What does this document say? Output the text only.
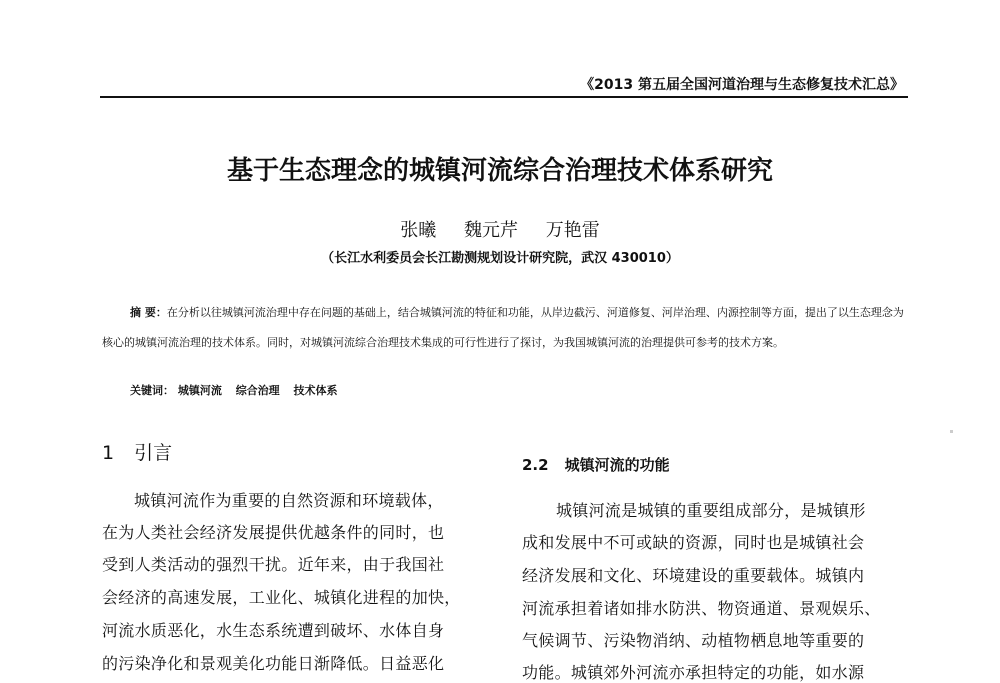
《2013 第五届全国河道治理与生态修复技术汇总》
基于生态理念的城镇河流综合治理技术体系研究
张曦 魏元芹 万艳雷
（长江水利委员会长江勘测规划设计研究院，武汉 430010）
摘 要：在分析以往城镇河流治理中存在问题的基础上，结合城镇河流的特征和功能，从岸边截污、河道修复、河岸治理、内源控制等方面，提出了以生态理念为核心的城镇河流治理的技术体系。同时，对城镇河流综合治理技术集成的可行性进行了探讨，为我国城镇河流的治理提供可参考的技术方案。
关键词： 城镇河流 综合治理 技术体系
1 引言
城镇河流作为重要的自然资源和环境载体，
在为人类社会经济发展提供优越条件的同时，也
受到人类活动的强烈干扰。近年来，由于我国社
会经济的高速发展，工业化、城镇化进程的加快，
河流水质恶化，水生态系统遭到破坏、水体自身
的污染净化和景观美化功能日渐降低。日益恶化
2.2 城镇河流的功能
城镇河流是城镇的重要组成部分，是城镇形
成和发展中不可或缺的资源，同时也是城镇社会
经济发展和文化、环境建设的重要载体。城镇内
河流承担着诸如排水防洪、物资通道、景观娱乐、
气候调节、污染物消纳、动植物栖息地等重要的
功能。城镇郊外河流亦承担特定的功能，如水源
